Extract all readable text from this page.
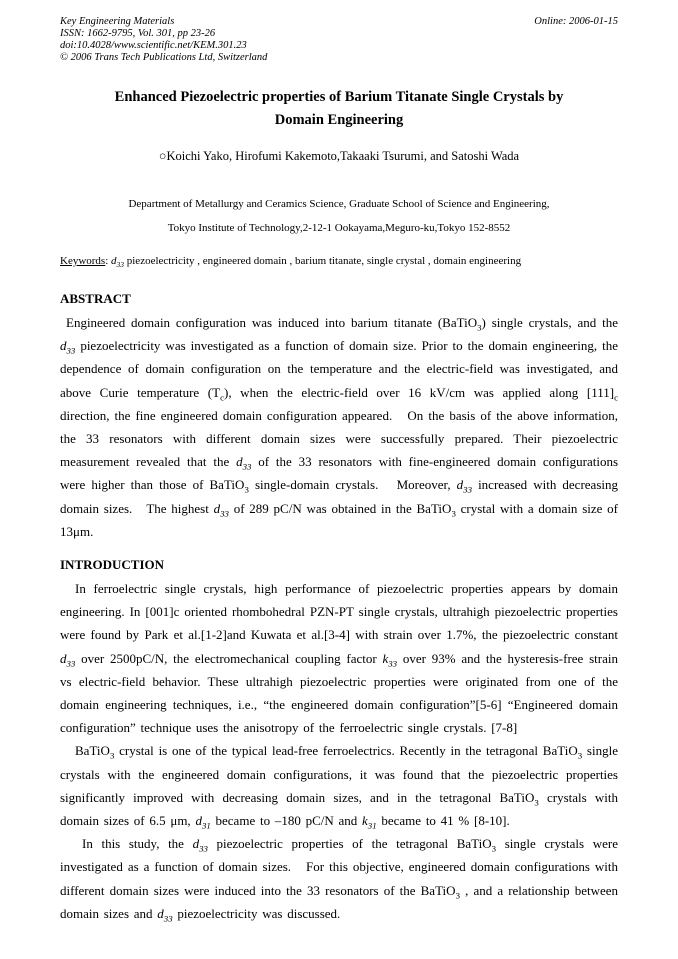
Key Engineering Materials
ISSN: 1662-9795, Vol. 301, pp 23-26
doi:10.4028/www.scientific.net/KEM.301.23
© 2006 Trans Tech Publications Ltd, Switzerland
Online: 2006-01-15
Enhanced Piezoelectric properties of Barium Titanate Single Crystals by
Domain Engineering
○Koichi Yako, Hirofumi Kakemoto,Takaaki Tsurumi, and Satoshi Wada
Department of Metallurgy and Ceramics Science, Graduate School of Science and Engineering,
Tokyo Institute of Technology,2-12-1 Ookayama,Meguro-ku,Tokyo 152-8552
Keywords: $d_{33}$ piezoelectricity , engineered domain , barium titanate, single crystal , domain engineering
ABSTRACT

Engineered domain configuration was induced into barium titanate (BaTiO$_3$) single crystals, and the $d_{33}$ piezoelectricity was investigated as a function of domain size. Prior to the domain engineering, the dependence of domain configuration on the temperature and the electric-field was investigated, and above Curie temperature $(T_c)$, when the electric-field over 16 kV/cm was applied along $[111]_c$ direction, the fine engineered domain configuration appeared.   On the basis of the above information, the 33 resonators with different domain sizes were successfully prepared. Their piezoelectric measurement revealed that the $d_{33}$ of the 33 resonators with fine-engineered domain configurations were higher than those of BaTiO$_3$ single-domain crystals.   Moreover, $d_{33}$ increased with decreasing domain sizes.   The highest $d_{33}$ of 289 pC/N was obtained in the BaTiO$_3$ crystal with a domain size of 13μm.

INTRODUCTION

In ferroelectric single crystals, high performance of piezoelectric properties appears by domain engineering. In [001]c oriented rhombohedral PZN-PT single crystals, ultrahigh piezoelectric properties were found by Park et al.[1-2]and Kuwata et al.[3-4] with strain over 1.7%, the piezoelectric constant $d_{33}$ over 2500pC/N, the electromechanical coupling factor $k_{33}$ over 93% and the hysteresis-free strain vs electric-field behavior. These ultrahigh piezoelectric properties were originated from one of the domain engineering techniques, i.e., “the engineered domain configuration”[5-6] “Engineered domain configuration” technique uses the anisotropy of the ferroelectric single crystals. [7-8]

BaTiO$_3$ crystal is one of the typical lead-free ferroelectrics. Recently in the tetragonal BaTiO$_3$ single crystals with the engineered domain configurations, it was found that the piezoelectric properties significantly improved with decreasing domain sizes, and in the tetragonal BaTiO$_3$ crystals with domain sizes of 6.5 μm, $d_{31}$ became to –180 pC/N and $k_{31}$ became to 41 % [8-10].

In this study, the $d_{33}$ piezoelectric properties of the tetragonal BaTiO$_3$ single crystals were investigated as a function of domain sizes.   For this objective, engineered domain configurations with different domain sizes were induced into the 33 resonators of the BaTiO$_3$ , and a relationship between domain sizes and $d_{33}$ piezoelectricity was discussed.
